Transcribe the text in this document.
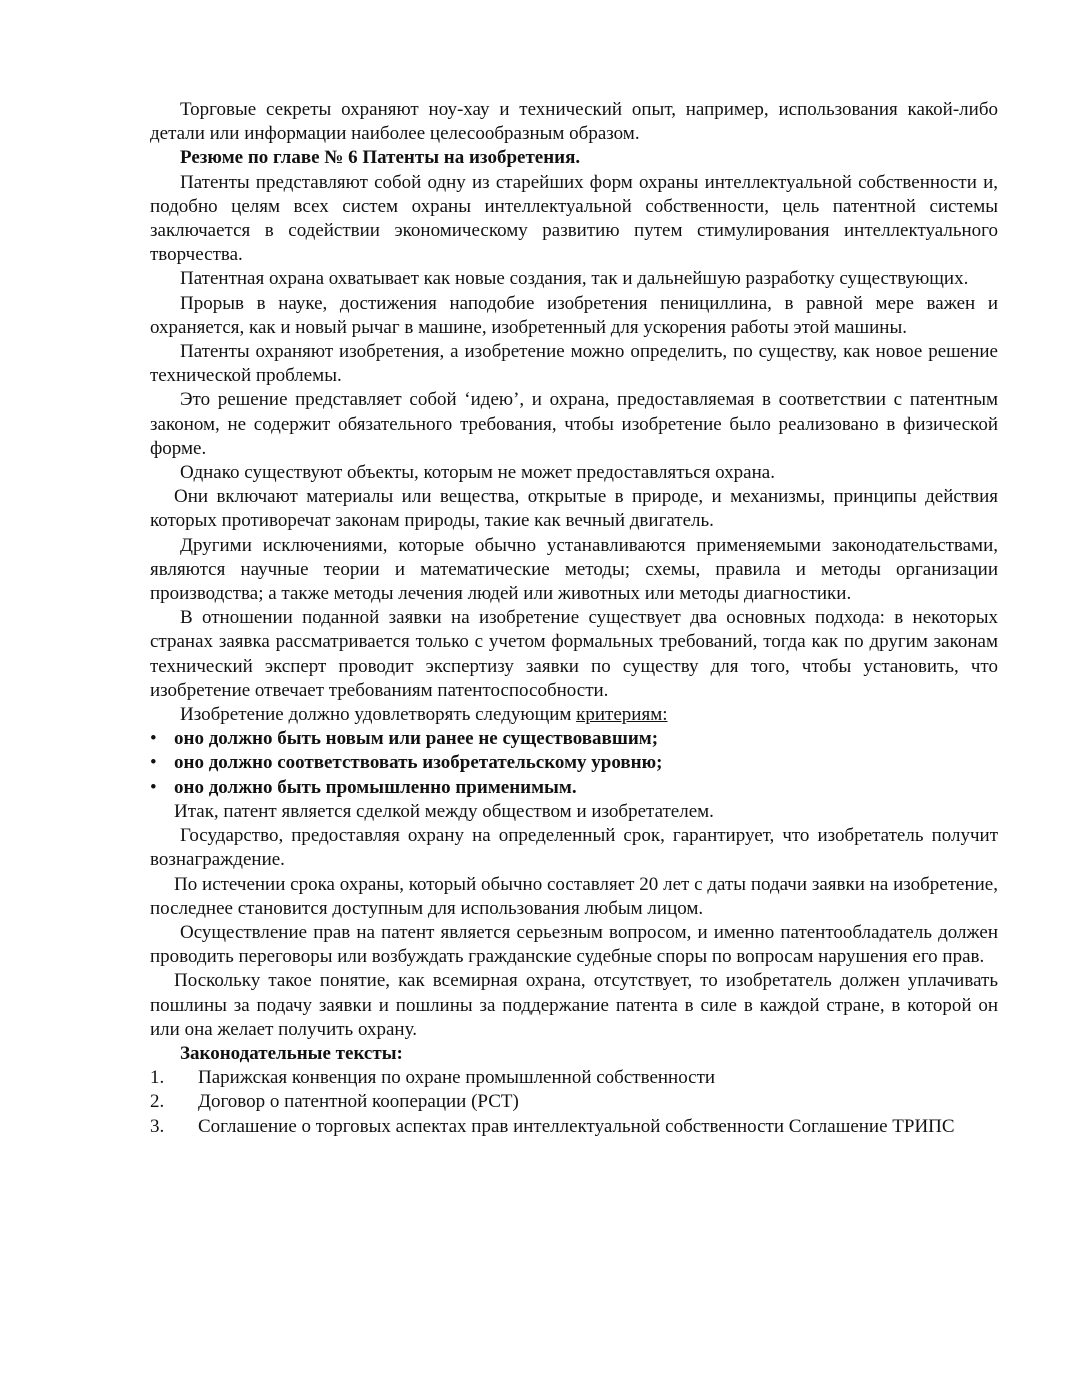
Торговые секреты охраняют ноу-хау и технический опыт, например, использования какой-либо детали или информации наиболее целесообразным образом.

Резюме по главе № 6 Патенты на изобретения.

Патенты представляют собой одну из старейших форм охраны интеллектуальной собственности и, подобно целям всех систем охраны интеллектуальной собственности, цель патентной системы заключается в содействии экономическому развитию путем стимулирования интеллектуального творчества.

Патентная охрана охватывает как новые создания, так и дальнейшую разработку существующих.

Прорыв в науке, достижения наподобие изобретения пенициллина, в равной мере важен и охраняется, как и новый рычаг в машине, изобретенный для ускорения работы этой машины.

Патенты охраняют изобретения, а изобретение можно определить, по существу, как новое решение технической проблемы.

Это решение представляет собой ‘идею’, и охрана, предоставляемая в соответствии с патентным законом, не содержит обязательного требования, чтобы изобретение было реализовано в физической форме.

Однако существуют объекты, которым не может предоставляться охрана.

Они включают материалы или вещества, открытые в природе, и механизмы, принципы действия которых противоречат законам природы, такие как вечный двигатель.

Другими исключениями, которые обычно устанавливаются применяемыми законодательствами, являются научные теории и математические методы; схемы, правила и методы организации производства; а также методы лечения людей или животных или методы диагностики.

В отношении поданной заявки на изобретение существует два основных подхода: в некоторых странах заявка рассматривается только с учетом формальных требований, тогда как по другим законам технический эксперт проводит экспертизу заявки по существу для того, чтобы установить, что изобретение отвечает требованиям патентоспособности.

Изобретение должно удовлетворять следующим критериям:

• оно должно быть новым или ранее не существовавшим;
• оно должно соответствовать изобретательскому уровню;
• оно должно быть промышленно применимым.

Итак, патент является сделкой между обществом и изобретателем.

Государство, предоставляя охрану на определенный срок, гарантирует, что изобретатель получит вознаграждение.

По истечении срока охраны, который обычно составляет 20 лет с даты подачи заявки на изобретение, последнее становится доступным для использования любым лицом.

Осуществление прав на патент является серьезным вопросом, и именно патентообладатель должен проводить переговоры или возбуждать гражданские судебные споры по вопросам нарушения его прав.

Поскольку такое понятие, как всемирная охрана, отсутствует, то изобретатель должен уплачивать пошлины за подачу заявки и пошлины за поддержание патента в силе в каждой стране, в которой он или она желает получить охрану.

Законодательные тексты:

1. Парижская конвенция по охране промышленной собственности
2. Договор о патентной кооперации (РСТ)
3. Соглашение о торговых аспектах прав интеллектуальной собственности Соглашение ТРИПС
